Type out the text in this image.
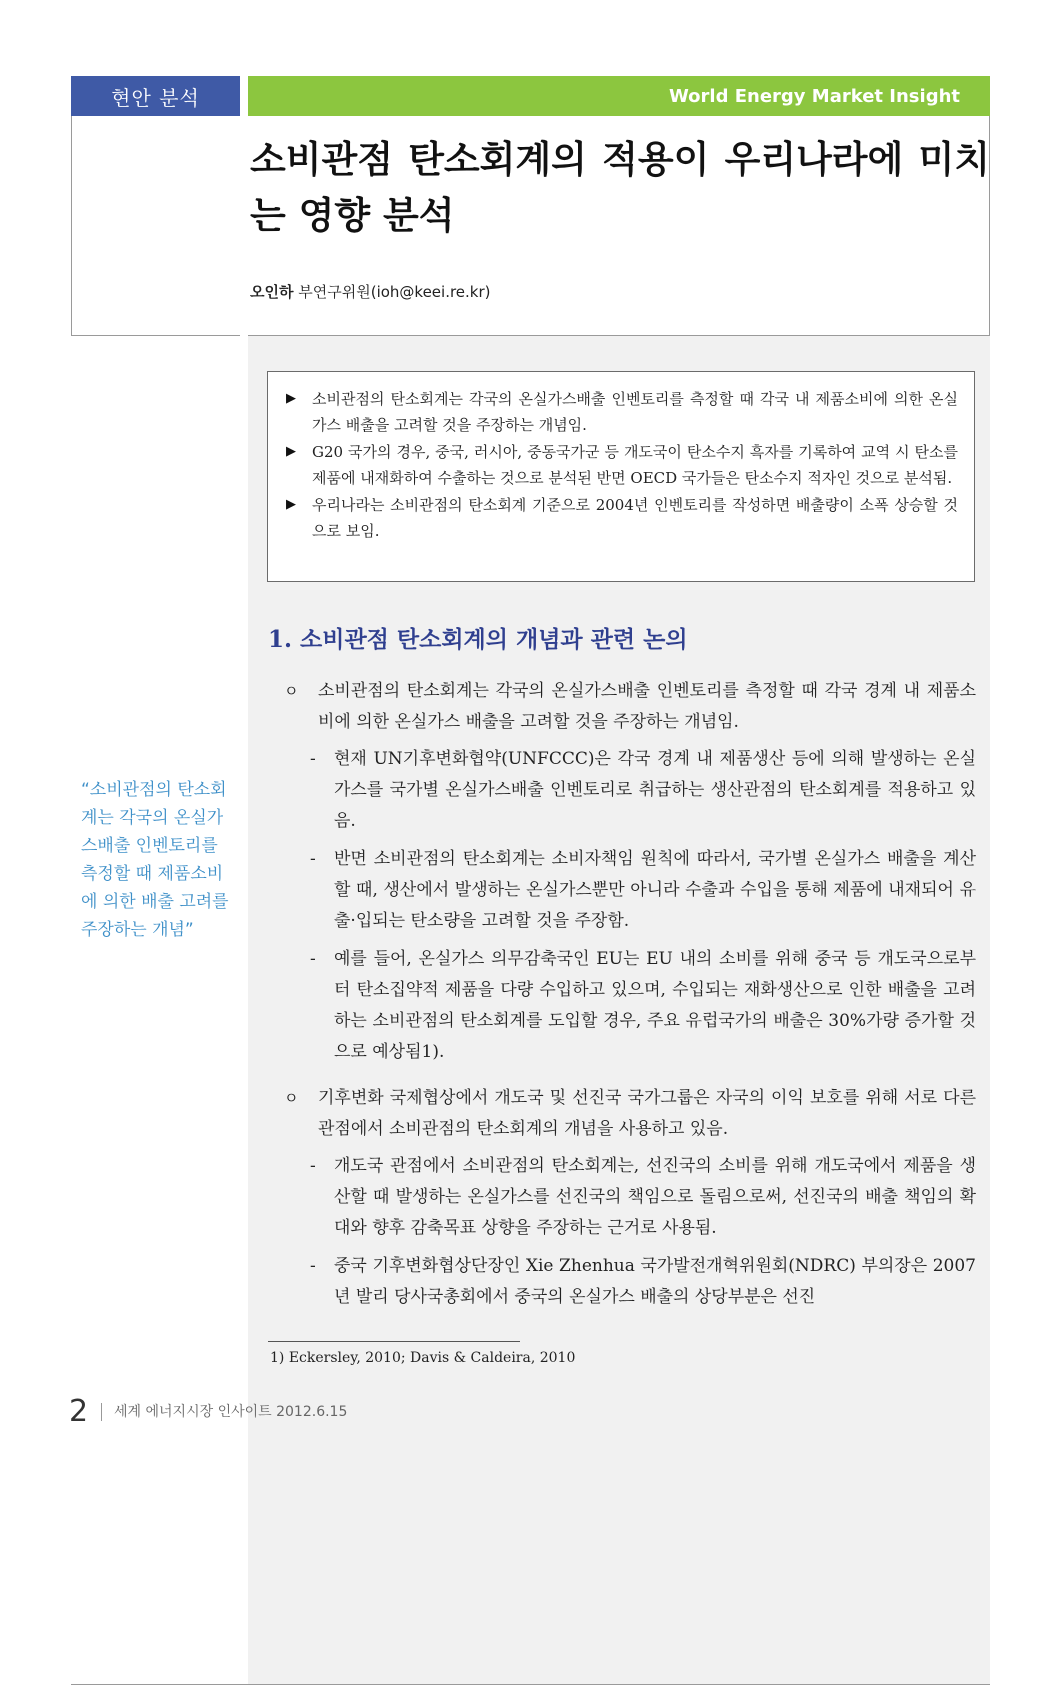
현안 분석	World Energy Market Insight
소비관점 탄소회계의 적용이 우리나라에 미치는 영향 분석
오인하 부연구위원(ioh@keei.re.kr)
▶	소비관점의 탄소회계는 각국의 온실가스배출 인벤토리를 측정할 때 각국 내 제품소비에 의한 온실가스 배출을 고려할 것을 주장하는 개념임.
▶	G20 국가의 경우, 중국, 러시아, 중동국가군 등 개도국이 탄소수지 흑자를 기록하여 교역 시 탄소를 제품에 내재화하여 수출하는 것으로 분석된 반면 OECD 국가들은 탄소수지 적자인 것으로 분석됨.
▶	우리나라는 소비관점의 탄소회계 기준으로 2004년 인벤토리를 작성하면 배출량이 소폭 상승할 것으로 보임.
1. 소비관점 탄소회계의 개념과 관련 논의
ㅇ	소비관점의 탄소회계는 각국의 온실가스배출 인벤토리를 측정할 때 각국 경계 내 제품소비에 의한 온실가스 배출을 고려할 것을 주장하는 개념임.
-	현재 UN기후변화협약(UNFCCC)은 각국 경계 내 제품생산 등에 의해 발생하는 온실가스를 국가별 온실가스배출 인벤토리로 취급하는 생산관점의 탄소회계를 적용하고 있음.
-	반면 소비관점의 탄소회계는 소비자책임 원칙에 따라서, 국가별 온실가스 배출을 계산할 때, 생산에서 발생하는 온실가스뿐만 아니라 수출과 수입을 통해 제품에 내재되어 유출·입되는 탄소량을 고려할 것을 주장함.
-	예를 들어, 온실가스 의무감축국인 EU는 EU 내의 소비를 위해 중국 등 개도국으로부터 탄소집약적 제품을 다량 수입하고 있으며, 수입되는 재화생산으로 인한 배출을 고려하는 소비관점의 탄소회계를 도입할 경우, 주요 유럽국가의 배출은 30%가량 증가할 것으로 예상됨1).
ㅇ	기후변화 국제협상에서 개도국 및 선진국 국가그룹은 자국의 이익 보호를 위해 서로 다른 관점에서 소비관점의 탄소회계의 개념을 사용하고 있음.
-	개도국 관점에서 소비관점의 탄소회계는, 선진국의 소비를 위해 개도국에서 제품을 생산할 때 발생하는 온실가스를 선진국의 책임으로 돌림으로써, 선진국의 배출 책임의 확대와 향후 감축목표 상향을 주장하는 근거로 사용됨.
-	중국 기후변화협상단장인 Xie Zhenhua 국가발전개혁위원회(NDRC) 부의장은 2007년 발리 당사국총회에서 중국의 온실가스 배출의 상당부분은 선진
“소비관점의 탄소회계는 각국의 온실가스배출 인벤토리를 측정할 때 제품소비에 의한 배출 고려를 주장하는 개념”
1) Eckersley, 2010; Davis & Caldeira, 2010
2 세계 에너지시장 인사이트 2012.6.15
